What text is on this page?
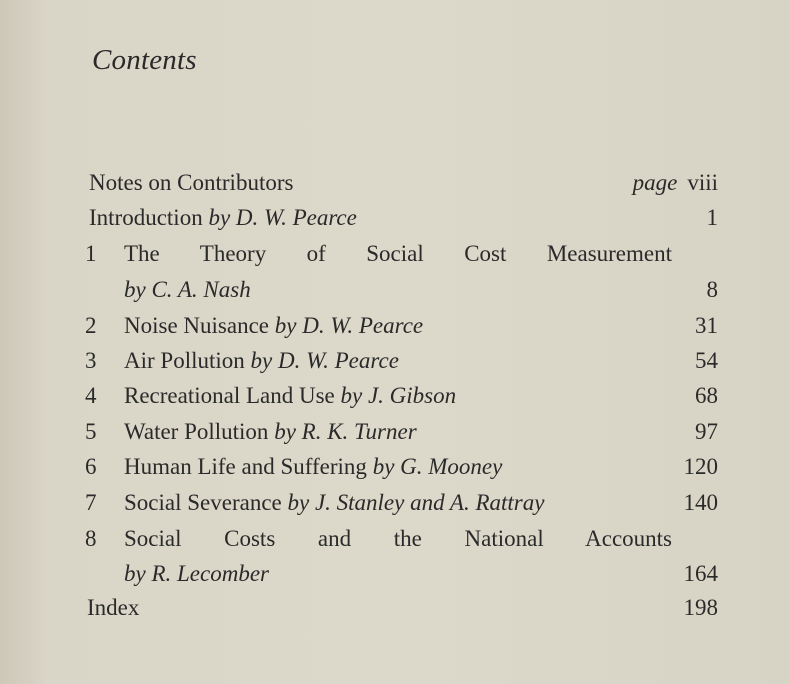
Contents
Notes on Contributors	page viii
Introduction by D. W. Pearce	1
1 The Theory of Social Cost Measurement
by C. A. Nash	8
2 Noise Nuisance by D. W. Pearce	31
3 Air Pollution by D. W. Pearce	54
4 Recreational Land Use by J. Gibson	68
5 Water Pollution by R. K. Turner	97
6 Human Life and Suffering by G. Mooney	120
7 Social Severance by J. Stanley and A. Rattray	140
8 Social Costs and the National Accounts
by R. Lecomber	164
Index	198
